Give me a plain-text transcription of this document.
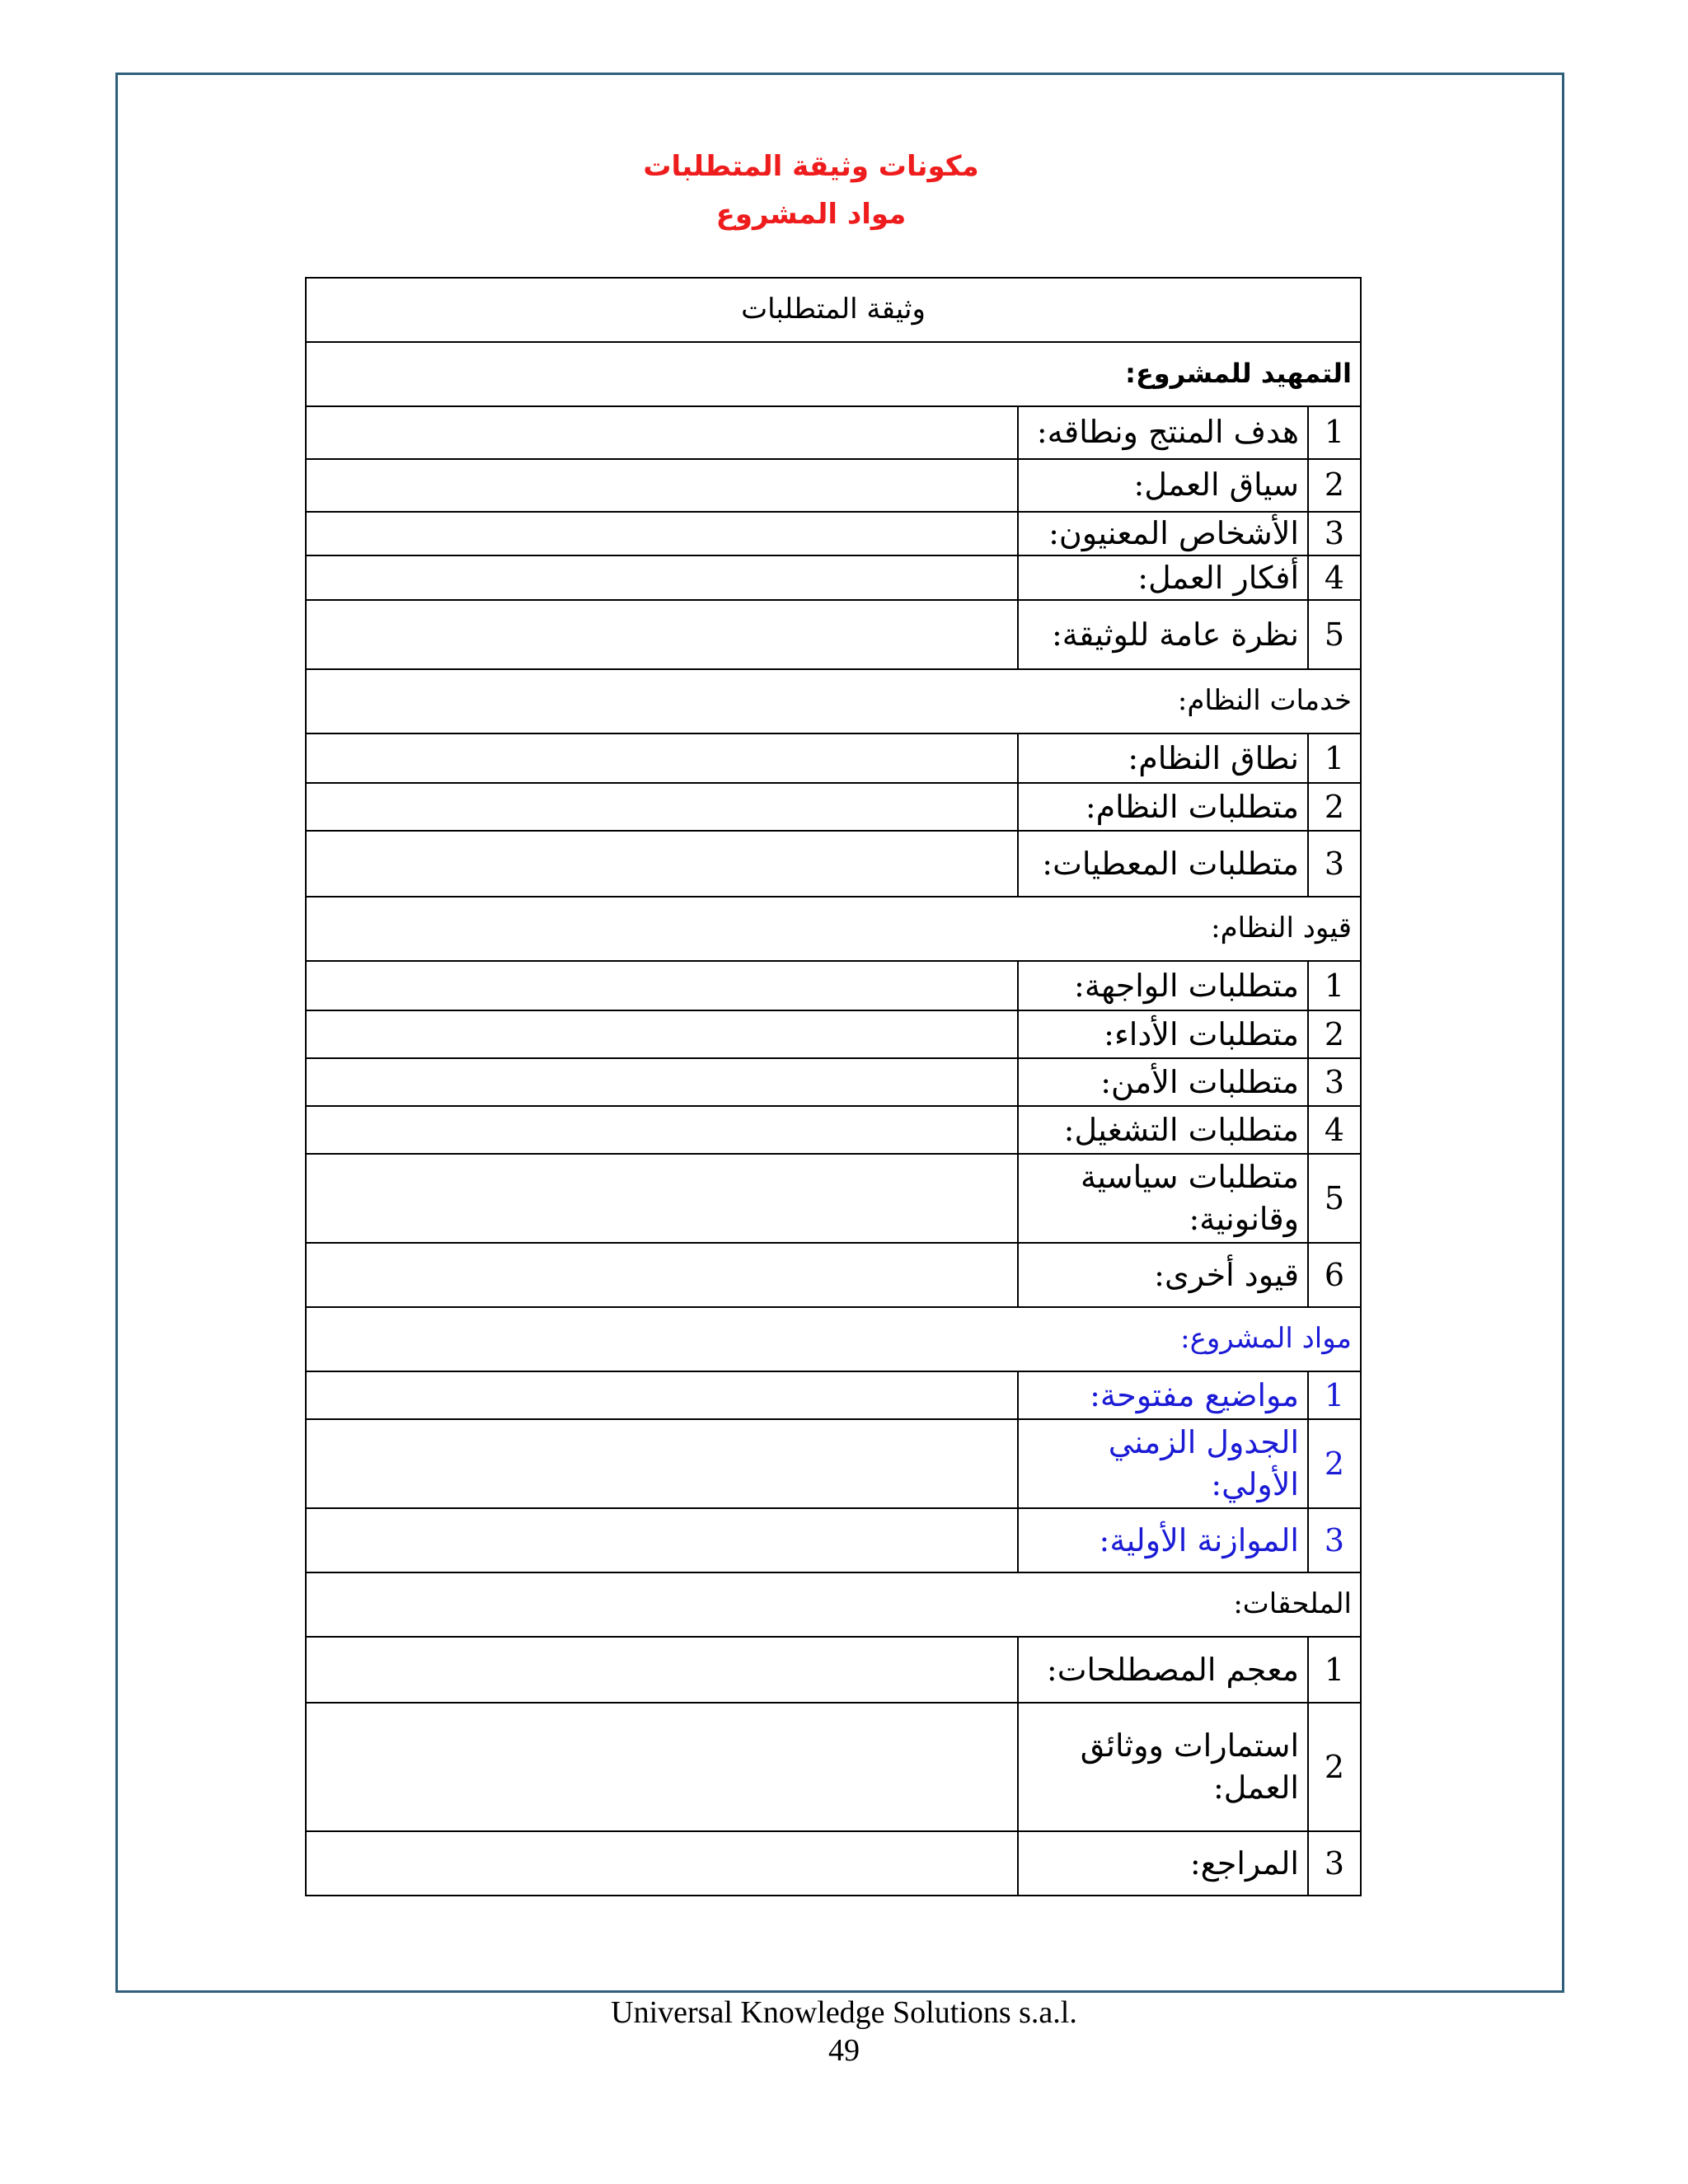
مكونات وثيقة المتطلبات
مواد المشروع
وثيقة المتطلبات		
التمهيد للمشروع:		
1	هدف المنتج ونطاقه:	
2	سياق العمل:	
3	الأشخاص المعنيون:	
4	أفكار العمل:	
5	نظرة عامة للوثيقة:	
خدمات النظام:		
1	نطاق النظام:	
2	متطلبات النظام:	
3	متطلبات المعطيات:	
قيود النظام:		
1	متطلبات الواجهة:	
2	متطلبات الأداء:	
3	متطلبات الأمن:	
4	متطلبات التشغيل:	
5	متطلبات سياسية وقانونية:	
6	قيود أخرى:	
مواد المشروع:		
1	مواضيع مفتوحة:	
2	الجدول الزمني الأولي:	
3	الموازنة الأولية:	
الملحقات:		
1	معجم المصطلحات:	
2	استمارات ووثائق العمل:	
3	المراجع:	
Universal Knowledge Solutions s.a.l.
49
